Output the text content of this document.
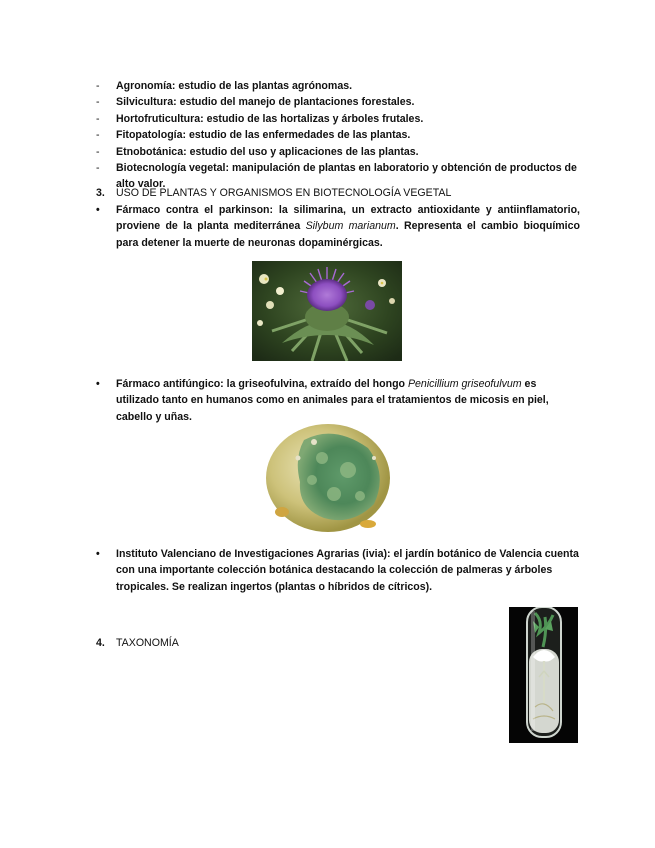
- Agronomía: estudio de las plantas agrónomas.
- Silvicultura: estudio del manejo de plantaciones forestales.
- Hortofruticultura: estudio de las hortalizas y árboles frutales.
- Fitopatología: estudio de las enfermedades de las plantas.
- Etnobotánica: estudio del uso y aplicaciones de las plantas.
- Biotecnología vegetal: manipulación de plantas en laboratorio y obtención de productos de alto valor.
3. USO DE PLANTAS Y ORGANISMOS EN BIOTECNOLOGÍA VEGETAL
• Fármaco contra el parkinson: la silimarina, un extracto antioxidante y antiinflamatorio, proviene de la planta mediterránea Silybum marianum. Representa el cambio bioquímico para detener la muerte de neuronas dopaminérgicas.
• Fármaco antifúngico: la griseofulvina, extraído del hongo Penicillium griseofulvum es utilizado tanto en humanos como en animales para el tratamientos de micosis en piel, cabello y uñas.
• Instituto Valenciano de Investigaciones Agrarias (ivia): el jardín botánico de Valencia cuenta con una importante colección botánica destacando la colección de palmeras y árboles tropicales. Se realizan ingertos (plantas o híbridos de cítricos).
4. TAXONOMÍA
